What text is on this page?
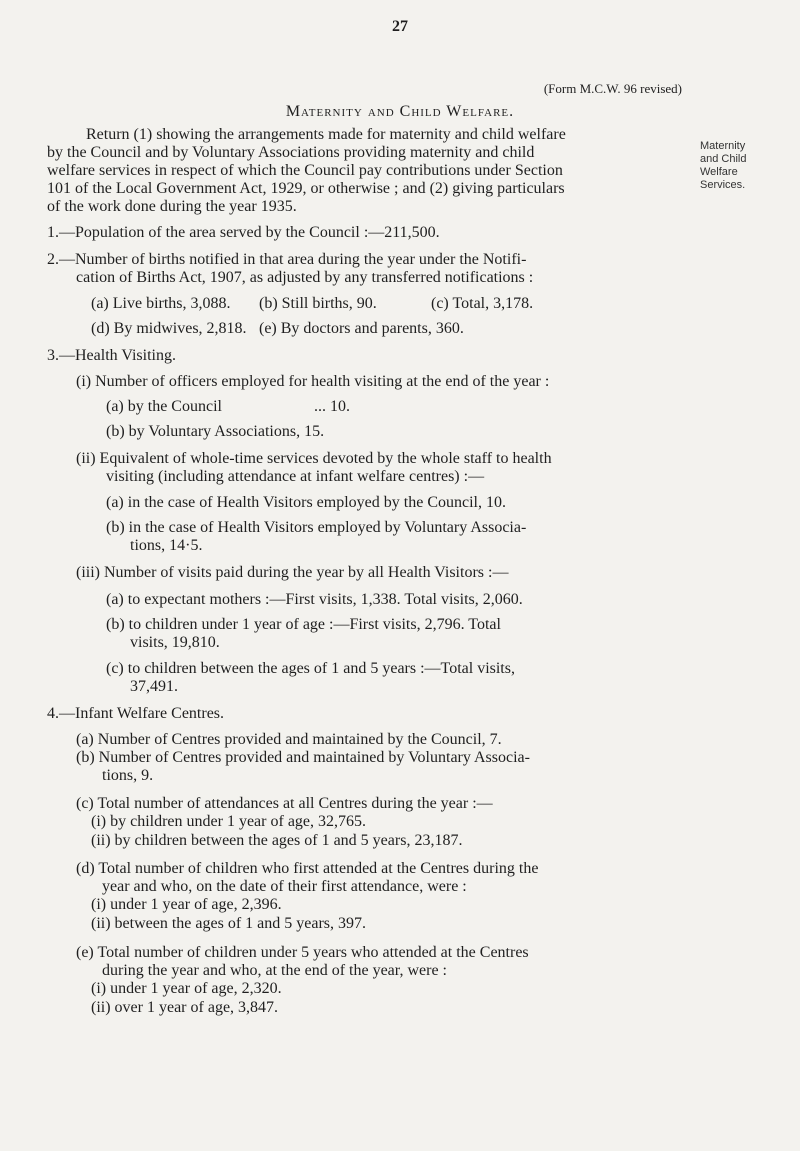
27
(Form M.C.W. 96 revised)
Maternity and Child Welfare.
Maternity
and Child
Welfare
Services.
Return (1) showing the arrangements made for maternity and child welfare
by the Council and by Voluntary Associations providing maternity and child
welfare services in respect of which the Council pay contributions under Section
101 of the Local Government Act, 1929, or otherwise ; and (2) giving particulars
of the work done during the year 1935.
1.—Population of the area served by the Council :—211,500.
2.—Number of births notified in that area during the year under the Notifi-
cation of Births Act, 1907, as adjusted by any transferred notifications :
(a) Live births, 3,088. (b) Still births, 90.	(c) Total, 3,178.
(d) By midwives, 2,818. (e) By doctors and parents, 360.
3.—Health Visiting.
(i) Number of officers employed for health visiting at the end of the year :
(a) by the Council	... 10.
(b) by Voluntary Associations, 15.
(ii) Equivalent of whole-time services devoted by the whole staff to health
visiting (including attendance at infant welfare centres) :—
(a) in the case of Health Visitors employed by the Council, 10.
(b) in the case of Health Visitors employed by Voluntary Associa-
tions, 14·5.
(iii) Number of visits paid during the year by all Health Visitors :—
(a) to expectant mothers :—First visits, 1,338. Total visits, 2,060.
(b) to children under 1 year of age :—First visits, 2,796. Total
visits, 19,810.
(c) to children between the ages of 1 and 5 years :—Total visits,
37,491.
4.—Infant Welfare Centres.
(a) Number of Centres provided and maintained by the Council, 7.
(b) Number of Centres provided and maintained by Voluntary Associa-
tions, 9.
(c) Total number of attendances at all Centres during the year :—
(i) by children under 1 year of age, 32,765.
(ii) by children between the ages of 1 and 5 years, 23,187.
(d) Total number of children who first attended at the Centres during the
year and who, on the date of their first attendance, were :
(i) under 1 year of age, 2,396.
(ii) between the ages of 1 and 5 years, 397.
(e) Total number of children under 5 years who attended at the Centres
during the year and who, at the end of the year, were :
(i) under 1 year of age, 2,320.
(ii) over 1 year of age, 3,847.
